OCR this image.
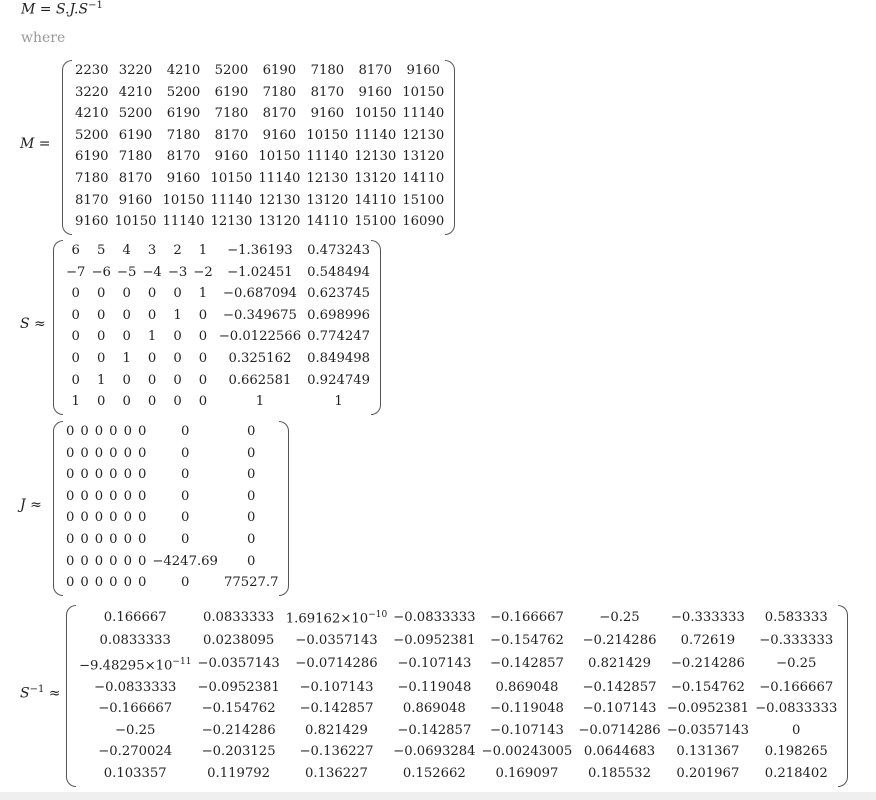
$M = S.J.S^{-1}$
where
2230	3220	4210	5200	6190	7180	8170	9160
3220	4210	5200	6190	7180	8170	9160	10150
4210	5200	6190	7180	8170	9160	10150	11140
5200	6190	7180	8170	9160	10150	11140	12130
6190	7180	8170	9160	10150	11140	12130	13120
7180	8170	9160	10150	11140	12130	13120	14110
8170	9160	10150	11140	12130	13120	14110	15100
9160	10150	11140	12130	13120	14110	15100	16090
M =
6	5	4	3	2	1	−1.36193	0.473243
−7	−6	−5	−4	−3	−2	−1.02451	0.548494
0	0	0	0	0	1	−0.687094	0.623745
0	0	0	0	1	0	−0.349675	0.698996
0	0	0	1	0	0	−0.0122566	0.774247
0	0	1	0	0	0	0.325162	0.849498
0	1	0	0	0	0	0.662581	0.924749
1	0	0	0	0	0	1	1
S ≈
0	0	0	0	0	0	0	0
0	0	0	0	0	0	0	0
0	0	0	0	0	0	0	0
0	0	0	0	0	0	0	0
0	0	0	0	0	0	0	0
0	0	0	0	0	0	0	0
0	0	0	0	0	0	−4247.69	0
0	0	0	0	0	0	0	77527.7
J ≈
0.166667	0.0833333	$1.69162\times 10^{-10}$	−0.0833333	−0.166667	−0.25	−0.333333	0.583333
0.0833333	0.0238095	−0.0357143	−0.0952381	−0.154762	−0.214286	0.72619	−0.333333
$-9.48295\times 10^{-11}$	−0.0357143	−0.0714286	−0.107143	−0.142857	0.821429	−0.214286	−0.25
−0.0833333	−0.0952381	−0.107143	−0.119048	0.869048	−0.142857	−0.154762	−0.166667
−0.166667	−0.154762	−0.142857	0.869048	−0.119048	−0.107143	−0.0952381	−0.0833333
−0.25	−0.214286	0.821429	−0.142857	−0.107143	−0.0714286	−0.0357143	0
−0.270024	−0.203125	−0.136227	−0.0693284	−0.00243005	0.0644683	0.131367	0.198265
0.103357	0.119792	0.136227	0.152662	0.169097	0.185532	0.201967	0.218402
$S^{-1}$ ≈
